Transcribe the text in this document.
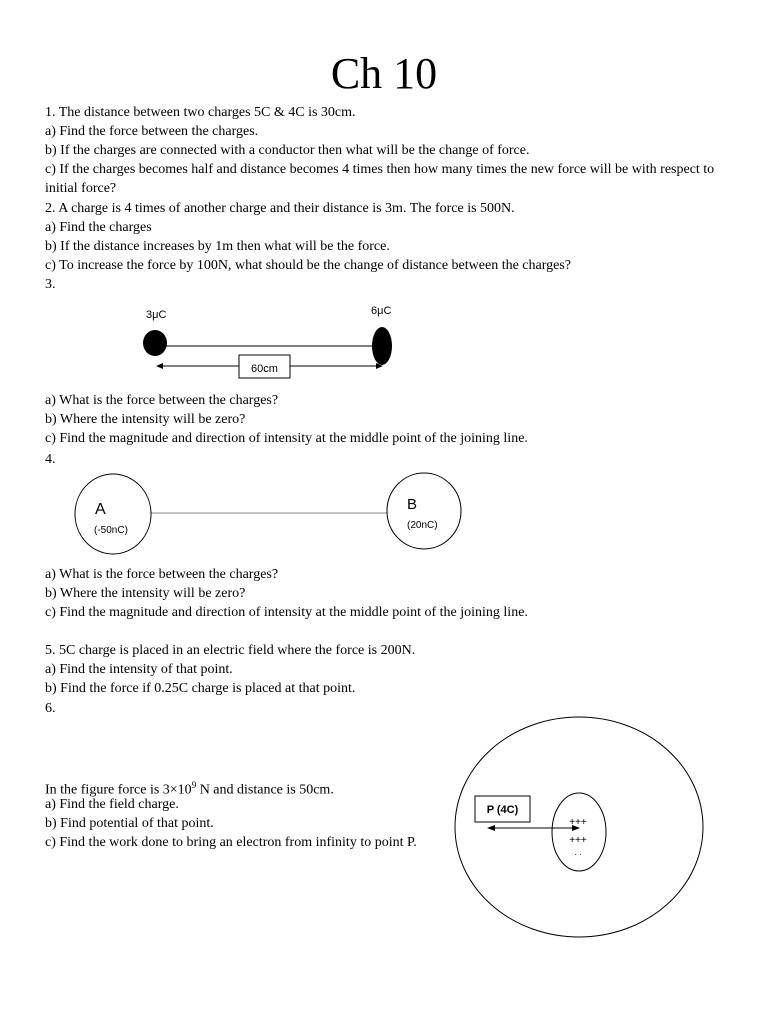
Ch 10
1. The distance between two charges 5C & 4C is 30cm.
a) Find the force between the charges.
b) If the charges are connected with a conductor then what will be the change of force.
c) If the charges becomes half and distance becomes 4 times then how many times the new force will be with respect to initial force?
2. A charge is 4 times of another charge and their distance is 3m. The force is 500N.
a) Find the charges
b) If the distance increases by 1m then what will be the force.
c) To increase the force by 100N, what should be the change of distance between the charges?
3.
60cm
3μC	6μC
a) What is the force between the charges?
b) Where the intensity will be zero?
c) Find the magnitude and direction of intensity at the middle point of the joining line.
4.
A
(-50nC)
B
(20nC)
a) What is the force between the charges?
b) Where the intensity will be zero?
c) Find the magnitude and direction of intensity at the middle point of the joining line.
5. 5C charge is placed in an electric field where the force is 200N.
a) Find the intensity of that point.
b) Find the force if 0.25C charge is placed at that point.
6.
In the figure force is $3\times 10^9$ N and distance is 50cm.
a) Find the field charge.
b) Find potential of that point.
c) Find the work done to bring an electron from infinity to point P.
P (4C)
+++
+++
· ·
